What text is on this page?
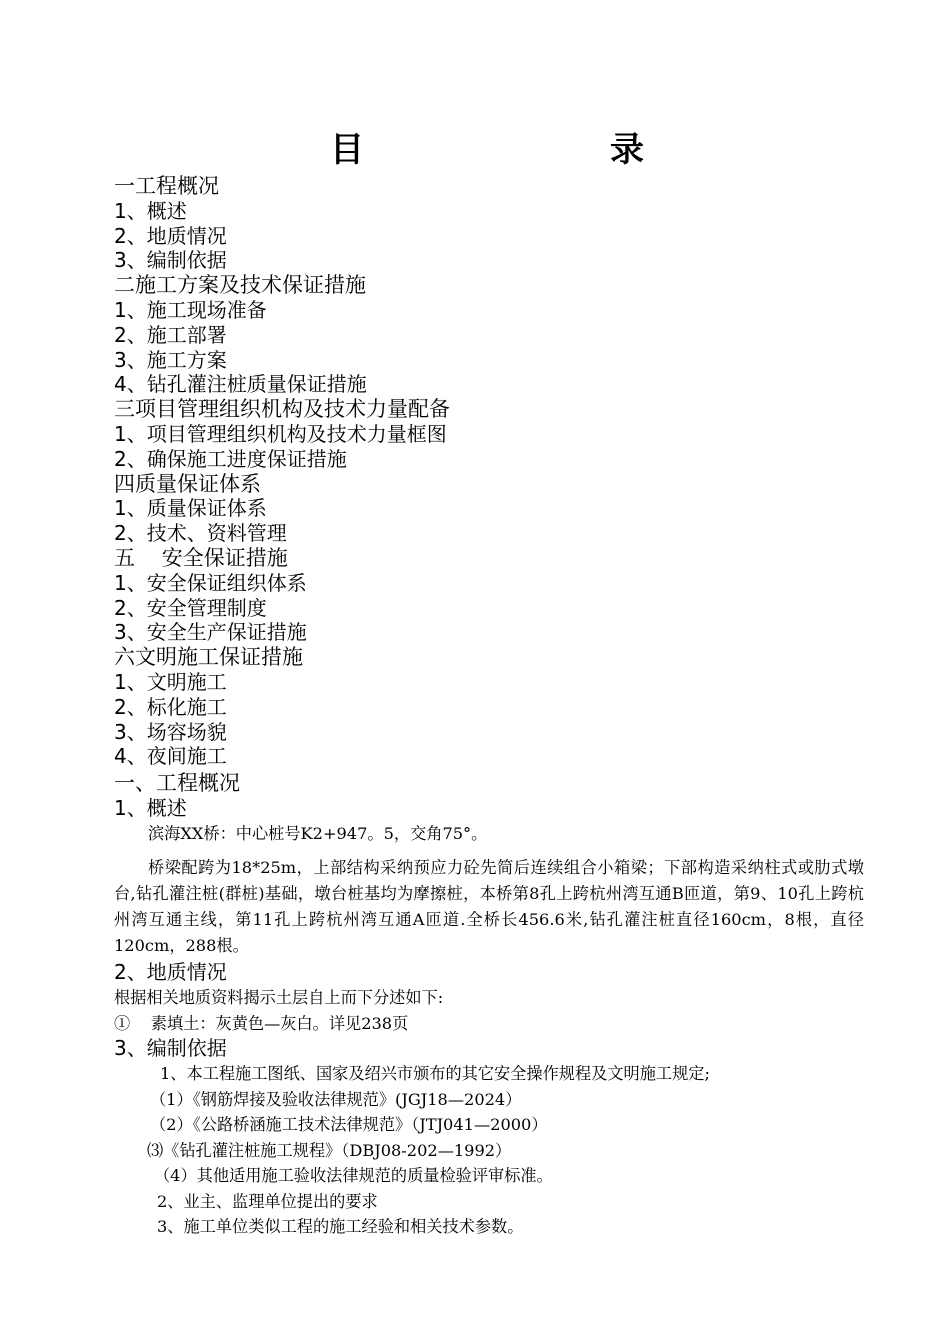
目	录
一工程概况
1、概述
2、地质情况
3、编制依据
二施工方案及技术保证措施
1、施工现场准备
2、施工部署
3、施工方案
4、钻孔灌注桩质量保证措施
三项目管理组织机构及技术力量配备
1、项目管理组织机构及技术力量框图
2、确保施工进度保证措施
四质量保证体系
1、质量保证体系
2、技术、资料管理
五    安全保证措施
1、安全保证组织体系
2、安全管理制度
3、安全生产保证措施
六文明施工保证措施
1、文明施工
2、标化施工
3、场容场貌
4、夜间施工
一、工程概况
1、概述
滨海XX桥：中心桩号K2+947。5，交角75°。
桥梁配跨为18*25m，上部结构采纳预应力砼先简后连续组合小箱梁；下部构造采纳柱式或肋式墩台,钻孔灌注桩(群桩)基础，墩台桩基均为摩擦桩，本桥第8孔上跨杭州湾互通B匝道，第9、10孔上跨杭州湾互通主线，第11孔上跨杭州湾互通A匝道.全桥长456.6米,钻孔灌注桩直径160cm，8根，直径120cm，288根。
2、地质情况
根据相关地质资料揭示土层自上而下分述如下:
①    素填土：灰黄色—灰白。详见238页
3、编制依据
1、本工程施工图纸、国家及绍兴市颁布的其它安全操作规程及文明施工规定;
（1）《钢筋焊接及验收法律规范》(JGJ18—2024）
（2）《公路桥涵施工技术法律规范》（JTJ041—2000）
⑶《钻孔灌注桩施工规程》（DBJ08-202—1992）
（4）其他适用施工验收法律规范的质量检验评审标准。
2、业主、监理单位提出的要求
3、施工单位类似工程的施工经验和相关技术参数。
